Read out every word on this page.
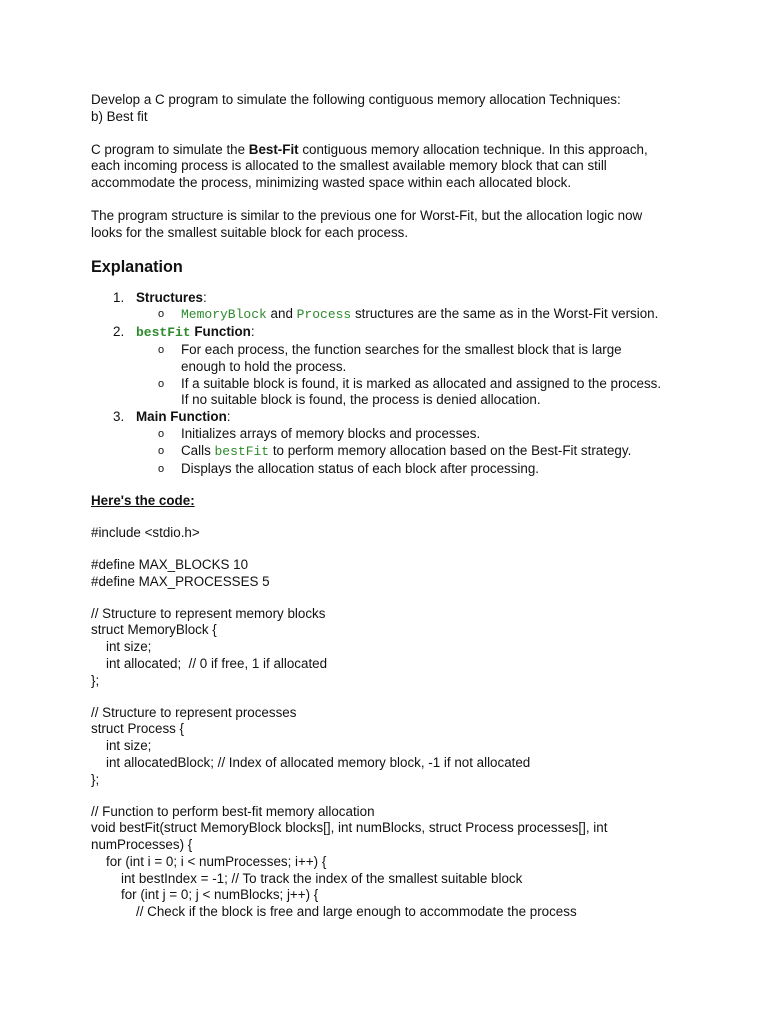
Develop a C program to simulate the following contiguous memory allocation Techniques:
b) Best fit
C program to simulate the Best-Fit contiguous memory allocation technique. In this approach,
each incoming process is allocated to the smallest available memory block that can still
accommodate the process, minimizing wasted space within each allocated block.
The program structure is similar to the previous one for Worst-Fit, but the allocation logic now
looks for the smallest suitable block for each process.
Explanation
1. Structures:
o MemoryBlock and Process structures are the same as in the Worst-Fit version.
2. bestFit Function:
o For each process, the function searches for the smallest block that is large
enough to hold the process.
o If a suitable block is found, it is marked as allocated and assigned to the process.
If no suitable block is found, the process is denied allocation.
3. Main Function:
o Initializes arrays of memory blocks and processes.
o Calls bestFit to perform memory allocation based on the Best-Fit strategy.
o Displays the allocation status of each block after processing.
Here's the code:
#include <stdio.h>
#define MAX_BLOCKS 10
#define MAX_PROCESSES 5
// Structure to represent memory blocks
struct MemoryBlock {
int size;
int allocated;  // 0 if free, 1 if allocated
};
// Structure to represent processes
struct Process {
int size;
int allocatedBlock; // Index of allocated memory block, -1 if not allocated
};
// Function to perform best-fit memory allocation
void bestFit(struct MemoryBlock blocks[], int numBlocks, struct Process processes[], int
numProcesses) {
for (int i = 0; i < numProcesses; i++) {
int bestIndex = -1; // To track the index of the smallest suitable block
for (int j = 0; j < numBlocks; j++) {
// Check if the block is free and large enough to accommodate the process
